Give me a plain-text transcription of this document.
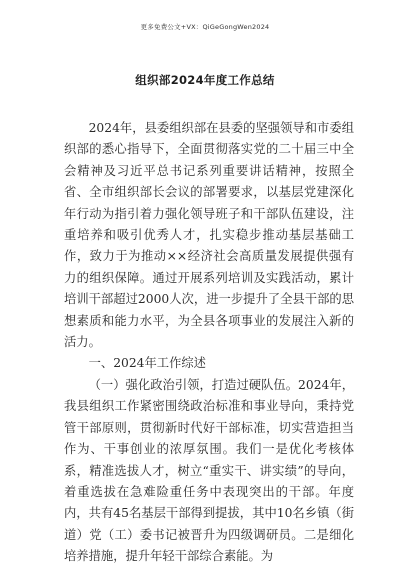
更多免费公文+VX：QiGeGongWen2024
组织部2024年度工作总结

2024年，县委组织部在县委的坚强领导和市委组织部的悉心指导下，全面贯彻落实党的二十届三中全会精神及习近平总书记系列重要讲话精神，按照全省、全市组织部长会议的部署要求，以基层党建深化年行动为指引着力强化领导班子和干部队伍建设，注重培养和吸引优秀人才，扎实稳步推动基层基础工作，致力于为推动××经济社会高质量发展提供强有力的组织保障。通过开展系列培训及实践活动，累计培训干部超过2000人次，进一步提升了全县干部的思想素质和能力水平，为全县各项事业的发展注入新的活力。

一、2024年工作综述

（一）强化政治引领，打造过硬队伍。2024年，我县组织工作紧密围绕政治标准和事业导向，秉持党管干部原则，贯彻新时代好干部标准，切实营造担当作为、干事创业的浓厚氛围。我们一是优化考核体系，精准选拔人才，树立“重实干、讲实绩”的导向，着重选拔在急难险重任务中表现突出的干部。年度内，共有45名基层干部得到提拔，其中10名乡镇（街道）党（工）委书记被晋升为四级调研员。二是细化培养措施，提升年轻干部综合素能。为
